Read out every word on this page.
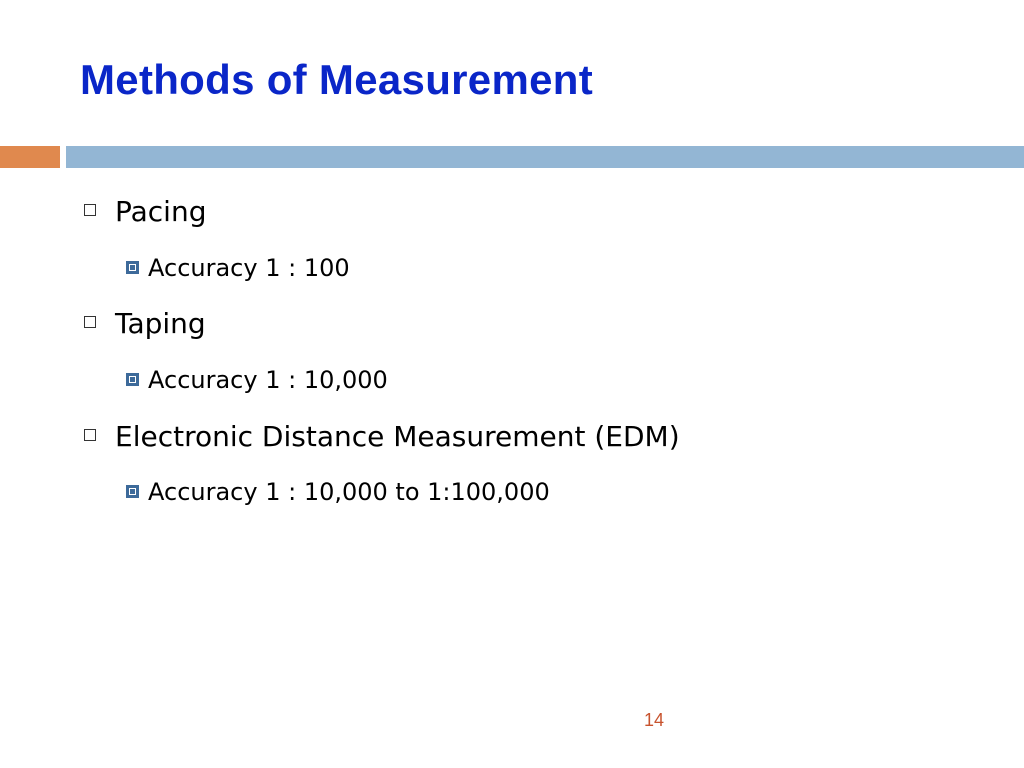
Methods of Measurement
Pacing
Accuracy 1 : 100
Taping
Accuracy 1 : 10,000
Electronic Distance Measurement (EDM)
Accuracy 1 : 10,000 to 1:100,000
14
